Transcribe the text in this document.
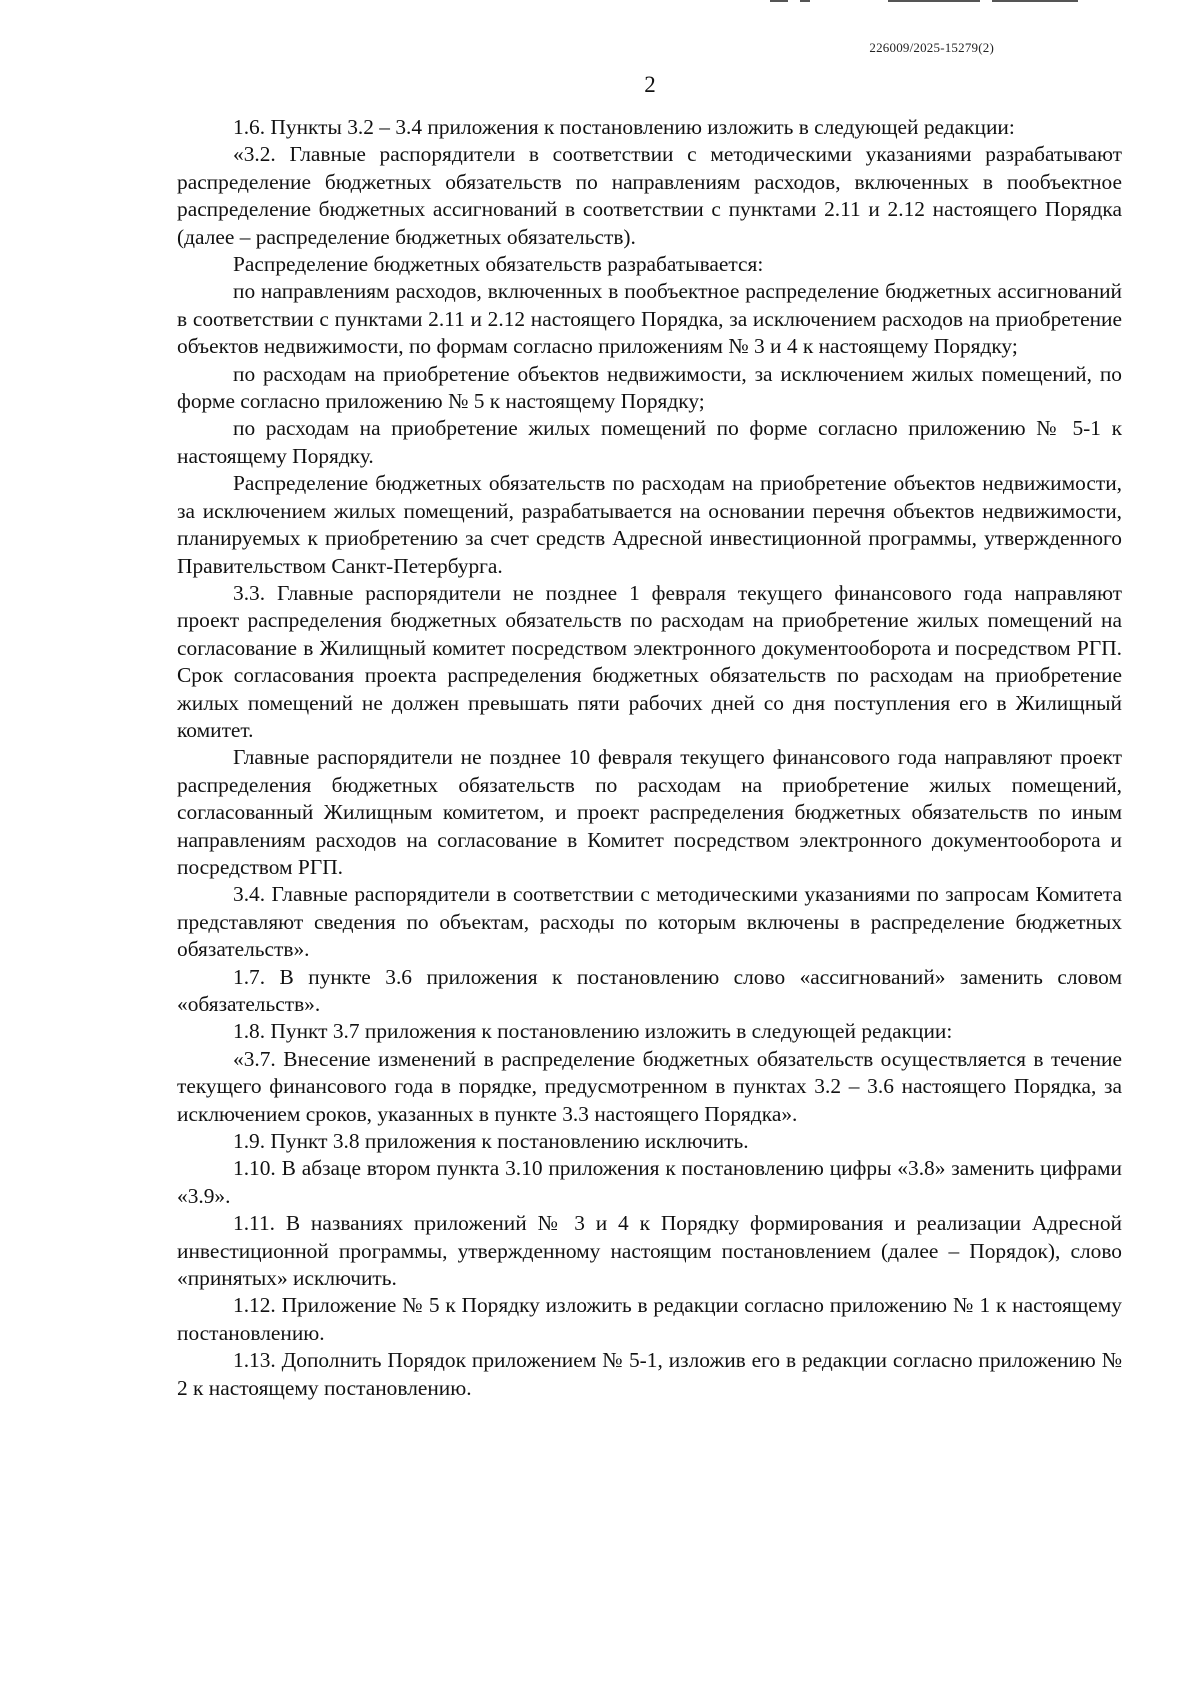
226009/2025-15279(2)
2

1.6. Пункты 3.2 – 3.4 приложения к постановлению изложить в следующей редакции:

«3.2. Главные распорядители в соответствии с методическими указаниями разрабатывают распределение бюджетных обязательств по направлениям расходов, включенных в пообъектное распределение бюджетных ассигнований в соответствии с пунктами 2.11 и 2.12 настоящего Порядка (далее – распределение бюджетных обязательств).

Распределение бюджетных обязательств разрабатывается:

по направлениям расходов, включенных в пообъектное распределение бюджетных ассигнований в соответствии с пунктами 2.11 и 2.12 настоящего Порядка, за исключением расходов на приобретение объектов недвижимости, по формам согласно приложениям № 3 и 4 к настоящему Порядку;

по расходам на приобретение объектов недвижимости, за исключением жилых помещений, по форме согласно приложению № 5 к настоящему Порядку;

по расходам на приобретение жилых помещений по форме согласно приложению № 5-1 к настоящему Порядку.

Распределение бюджетных обязательств по расходам на приобретение объектов недвижимости, за исключением жилых помещений, разрабатывается на основании перечня объектов недвижимости, планируемых к приобретению за счет средств Адресной инвестиционной программы, утвержденного Правительством Санкт-Петербурга.

3.3. Главные распорядители не позднее 1 февраля текущего финансового года направляют проект распределения бюджетных обязательств по расходам на приобретение жилых помещений на согласование в Жилищный комитет посредством электронного документооборота и посредством РГП. Срок согласования проекта распределения бюджетных обязательств по расходам на приобретение жилых помещений не должен превышать пяти рабочих дней со дня поступления его в Жилищный комитет.

Главные распорядители не позднее 10 февраля текущего финансового года направляют проект распределения бюджетных обязательств по расходам на приобретение жилых помещений, согласованный Жилищным комитетом, и проект распределения бюджетных обязательств по иным направлениям расходов на согласование в Комитет посредством электронного документооборота и посредством РГП.

3.4. Главные распорядители в соответствии с методическими указаниями по запросам Комитета представляют сведения по объектам, расходы по которым включены в распределение бюджетных обязательств».

1.7. В пункте 3.6 приложения к постановлению слово «ассигнований» заменить словом «обязательств».

1.8. Пункт 3.7 приложения к постановлению изложить в следующей редакции:

«3.7. Внесение изменений в распределение бюджетных обязательств осуществляется в течение текущего финансового года в порядке, предусмотренном в пунктах 3.2 – 3.6 настоящего Порядка, за исключением сроков, указанных в пункте 3.3 настоящего Порядка».

1.9. Пункт 3.8 приложения к постановлению исключить.

1.10. В абзаце втором пункта 3.10 приложения к постановлению цифры «3.8» заменить цифрами «3.9».

1.11. В названиях приложений № 3 и 4 к Порядку формирования и реализации Адресной инвестиционной программы, утвержденному настоящим постановлением (далее – Порядок), слово «принятых» исключить.

1.12. Приложение № 5 к Порядку изложить в редакции согласно приложению № 1 к настоящему постановлению.

1.13. Дополнить Порядок приложением № 5-1, изложив его в редакции согласно приложению № 2 к настоящему постановлению.
